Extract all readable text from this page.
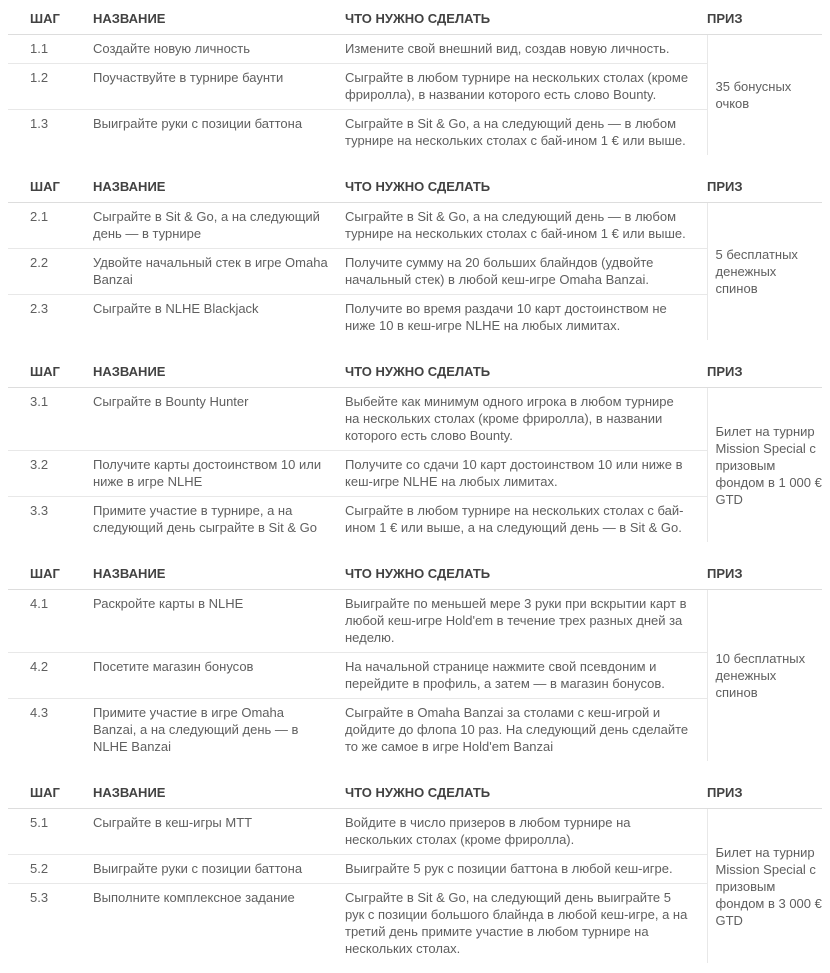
ШАГ	НАЗВАНИЕ	ЧТО НУЖНО СДЕЛАТЬ	ПРИЗ
1.1	Создайте новую личность	Измените свой внешний вид, создав новую личность.	35 бонусных очков
1.2	Поучаствуйте в турнире баунти	Сыграйте в любом турнире на нескольких столах (кроме фриролла), в названии которого есть слово Bounty.	
1.3	Выиграйте руки с позиции баттона	Сыграйте в Sit & Go, а на следующий день — в любом турнире на нескольких столах с бай-ином 1 € или выше.	
ШАГ	НАЗВАНИЕ	ЧТО НУЖНО СДЕЛАТЬ	ПРИЗ
2.1	Сыграйте в Sit & Go, а на следующий день — в турнире	Сыграйте в Sit & Go, а на следующий день — в любом турнире на нескольких столах с бай-ином 1 € или выше.	5 бесплатных денежных спинов
2.2	Удвойте начальный стек в игре Omaha Banzai	Получите сумму на 20 больших блайндов (удвойте начальный стек) в любой кеш-игре Omaha Banzai.	
2.3	Сыграйте в NLHE Blackjack	Получите во время раздачи 10 карт достоинством не ниже 10 в кеш-игре NLHE на любых лимитах.	
ШАГ	НАЗВАНИЕ	ЧТО НУЖНО СДЕЛАТЬ	ПРИЗ
3.1	Сыграйте в Bounty Hunter	Выбейте как минимум одного игрока в любом турнире на нескольких столах (кроме фриролла), в названии которого есть слово Bounty.	Билет на турнир Mission Special с призовым фондом в 1 000 € GTD
3.2	Получите карты достоинством 10 или ниже в игре NLHE	Получите со сдачи 10 карт достоинством 10 или ниже в кеш-игре NLHE на любых лимитах.	
3.3	Примите участие в турнире, а на следующий день сыграйте в Sit & Go	Сыграйте в любом турнире на нескольких столах с бай-ином 1 € или выше, а на следующий день — в Sit & Go.	
ШАГ	НАЗВАНИЕ	ЧТО НУЖНО СДЕЛАТЬ	ПРИЗ
4.1	Раскройте карты в NLHE	Выиграйте по меньшей мере 3 руки при вскрытии карт в любой кеш-игре Hold'em в течение трех разных дней за неделю.	10 бесплатных денежных спинов
4.2	Посетите магазин бонусов	На начальной странице нажмите свой псевдоним и перейдите в профиль, а затем — в магазин бонусов.	
4.3	Примите участие в игре Omaha Banzai, а на следующий день — в NLHE Banzai	Сыграйте в Omaha Banzai за столами с кеш-игрой и дойдите до флопа 10 раз. На следующий день сделайте то же самое в игре Hold'em Banzai	
ШАГ	НАЗВАНИЕ	ЧТО НУЖНО СДЕЛАТЬ	ПРИЗ
5.1	Сыграйте в кеш-игры MTT	Войдите в число призеров в любом турнире на нескольких столах (кроме фриролла).	Билет на турнир Mission Special с призовым фондом в 3 000 € GTD
5.2	Выиграйте руки с позиции баттона	Выиграйте 5 рук с позиции баттона в любой кеш-игре.	
5.3	Выполните комплексное задание	Сыграйте в Sit & Go, на следующий день выиграйте 5 рук с позиции большого блайнда в любой кеш-игре, а на третий день примите участие в любом турнире на нескольких столах.	
